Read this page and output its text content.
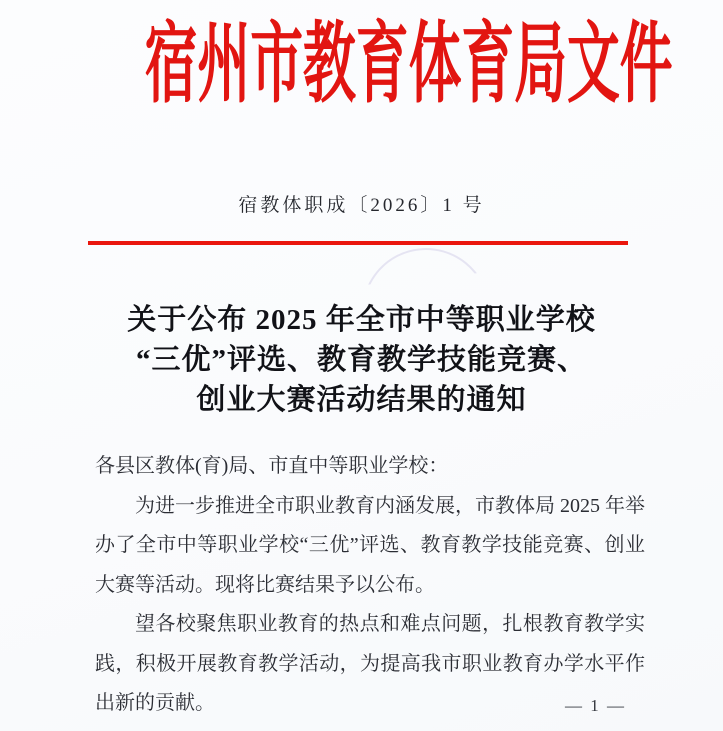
宿州市教育体育局文件
宿教体职成〔2026〕1 号
关于公布 2025 年全市中等职业学校
“三优”评选、教育教学技能竞赛、
创业大赛活动结果的通知
各县区教体(育)局、市直中等职业学校：

为进一步推进全市职业教育内涵发展，市教体局 2025 年举办了全市中等职业学校“三优”评选、教育教学技能竞赛、创业大赛等活动。现将比赛结果予以公布。

望各校聚焦职业教育的热点和难点问题，扎根教育教学实践，积极开展教育教学活动，为提高我市职业教育办学水平作出新的贡献。	— 1 —
